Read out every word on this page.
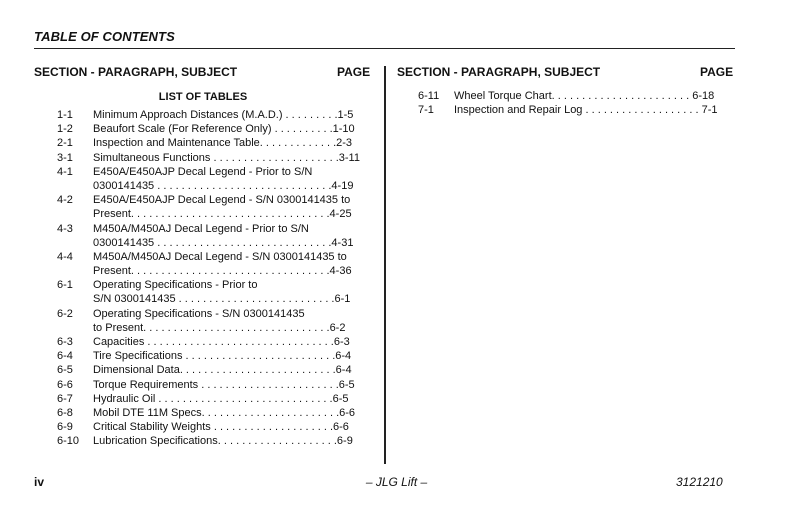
TABLE OF CONTENTS
SECTION - PARAGRAPH, SUBJECT	PAGE SECTION - PARAGRAPH, SUBJECT	PAGE
LIST OF TABLES
1-1 Minimum Approach Distances (M.A.D.) . . . . . . . . .1-5
1-2 Beaufort Scale (For Reference Only) . . . . . . . . . .1-10
2-1 Inspection and Maintenance Table. . . . . . . . . . . . .2-3
3-1 Simultaneous Functions . . . . . . . . . . . . . . . . . . . . .3-11
4-1 E450A/E450AJP Decal Legend - Prior to S/N
0300141435 . . . . . . . . . . . . . . . . . . . . . . . . . . . . .4-19
4-2 E450A/E450AJP Decal Legend - S/N 0300141435 to
Present. . . . . . . . . . . . . . . . . . . . . . . . . . . . . . . . .4-25
4-3 M450A/M450AJ Decal Legend - Prior to S/N
0300141435 . . . . . . . . . . . . . . . . . . . . . . . . . . . . .4-31
4-4 M450A/M450AJ Decal Legend - S/N 0300141435 to
Present. . . . . . . . . . . . . . . . . . . . . . . . . . . . . . . . .4-36
6-1 Operating Specifications - Prior to
S/N 0300141435 . . . . . . . . . . . . . . . . . . . . . . . . . .6-1
6-2 Operating Specifications - S/N 0300141435
to Present. . . . . . . . . . . . . . . . . . . . . . . . . . . . . . .6-2
6-3 Capacities . . . . . . . . . . . . . . . . . . . . . . . . . . . . . . .6-3
6-4 Tire Specifications . . . . . . . . . . . . . . . . . . . . . . . . .6-4
6-5 Dimensional Data. . . . . . . . . . . . . . . . . . . . . . . . . .6-4
6-6 Torque Requirements . . . . . . . . . . . . . . . . . . . . . . .6-5
6-7 Hydraulic Oil . . . . . . . . . . . . . . . . . . . . . . . . . . . . .6-5
6-8 Mobil DTE 11M Specs. . . . . . . . . . . . . . . . . . . . . . .6-6
6-9 Critical Stability Weights . . . . . . . . . . . . . . . . . . . .6-6
6-10 Lubrication Specifications. . . . . . . . . . . . . . . . . . . .6-9
6-11 Wheel Torque Chart. . . . . . . . . . . . . . . . . . . . . . . 6-18
7-1 Inspection and Repair Log . . . . . . . . . . . . . . . . . . . 7-1
iv	– JLG Lift –	3121210
